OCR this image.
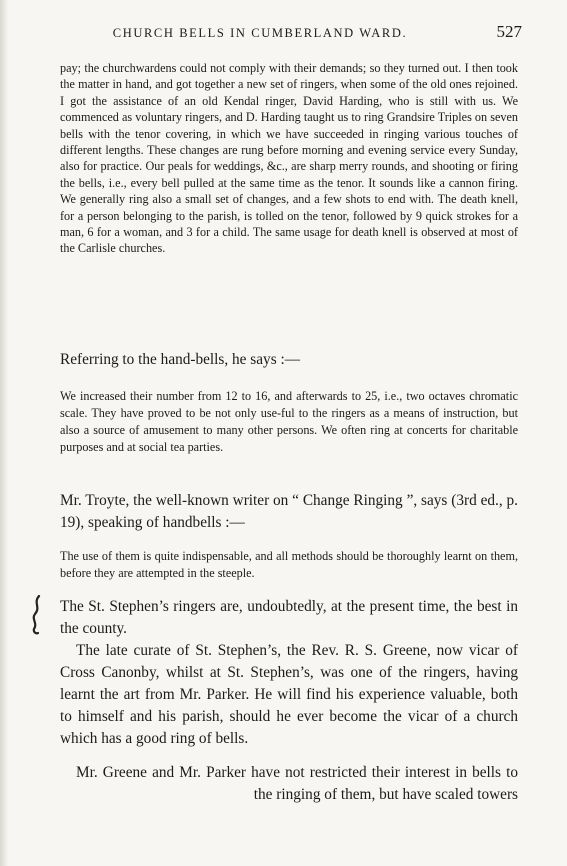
CHURCH BELLS IN CUMBERLAND WARD.	527

pay; the churchwardens could not comply with their demands; so they turned out. I then took the matter in hand, and got together a new set of ringers, when some of the old ones rejoined. I got the assistance of an old Kendal ringer, David Harding, who is still with us. We commenced as voluntary ringers, and D. Harding taught us to ring Grandsire Triples on seven bells with the tenor covering, in which we have succeeded in ringing various touches of different lengths. These changes are rung before morning and evening service every Sunday, also for practice. Our peals for weddings, &c., are sharp merry rounds, and shooting or firing the bells, i.e., every bell pulled at the same time as the tenor. It sounds like a cannon firing. We generally ring also a small set of changes, and a few shots to end with. The death knell, for a person belonging to the parish, is tolled on the tenor, followed by 9 quick strokes for a man, 6 for a woman, and 3 for a child. The same usage for death knell is observed at most of the Carlisle churches.

Referring to the hand-bells, he says :—

We increased their number from 12 to 16, and afterwards to 25, i.e., two octaves chromatic scale. They have proved to be not only use-ful to the ringers as a means of instruction, but also a source of amusement to many other persons. We often ring at concerts for charitable purposes and at social tea parties.

Mr. Troyte, the well-known writer on “ Change Ringing ”, says (3rd ed., p. 19), speaking of handbells :—

The use of them is quite indispensable, and all methods should be thoroughly learnt on them, before they are attempted in the steeple.

The St. Stephen’s ringers are, undoubtedly, at the present time, the best in the county.

The late curate of St. Stephen’s, the Rev. R. S. Greene, now vicar of Cross Canonby, whilst at St. Stephen’s, was one of the ringers, having learnt the art from Mr. Parker. He will find his experience valuable, both to himself and his parish, should he ever become the vicar of a church which has a good ring of bells.

Mr. Greene and Mr. Parker have not restricted their interest in bells to the ringing of them, but have scaled towers
